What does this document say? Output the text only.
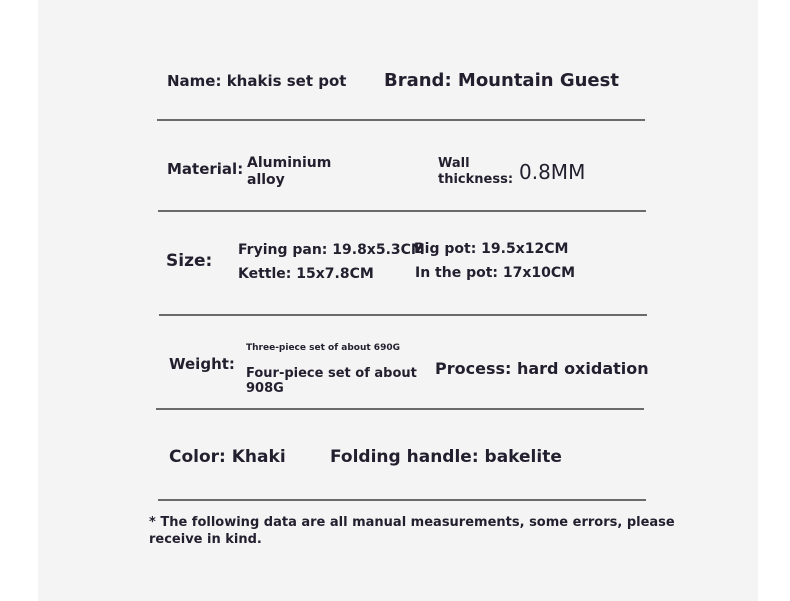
Name: khakis set pot Brand: Mountain Guest
Material: Aluminium
alloy
Wall
thickness: 0.8MM
Size:
Frying pan: 19.8x5.3CM
Big pot: 19.5x12CM
Kettle: 15x7.8CM	In the pot: 17x10CM
Weight:
Three-piece set of about 690G
Four-piece set of about
908G
Process: hard oxidation
Color: Khaki	Folding handle: bakelite
* The following data are all manual measurements, some errors, please
receive in kind.
